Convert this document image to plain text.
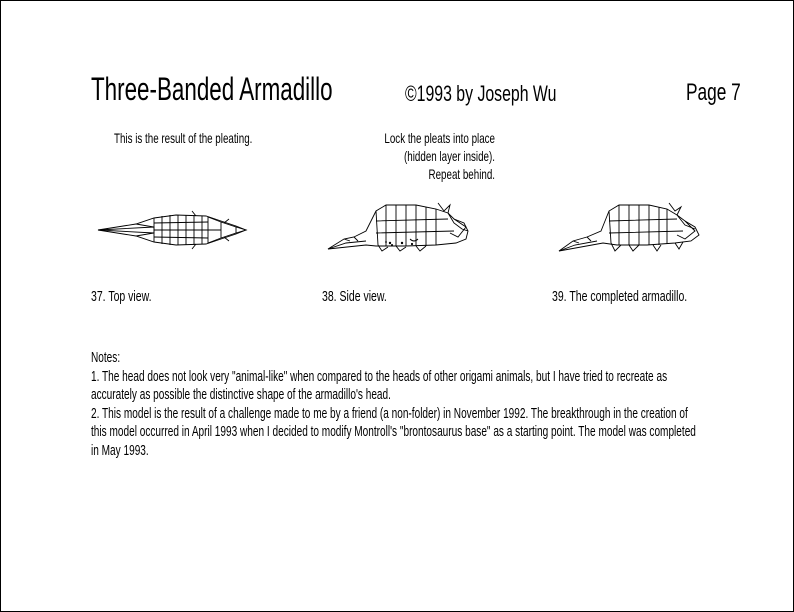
Three-Banded Armadillo	©1993 by Joseph Wu	Page 7
This is the result of the pleating.	Lock the pleats into place
(hidden layer inside).
Repeat behind.
37. Top view.	38. Side view.	39. The completed armadillo.

Notes:

1. The head does not look very "animal-like" when compared to the heads of other origami animals, but I have tried to recreate as accurately as possible the distinctive shape of the armadillo's head.

2. This model is the result of a challenge made to me by a friend (a non-folder) in November 1992. The breakthrough in the creation of this model occurred in April 1993 when I decided to modify Montroll's "brontosaurus base" as a starting point. The model was completed in May 1993.
